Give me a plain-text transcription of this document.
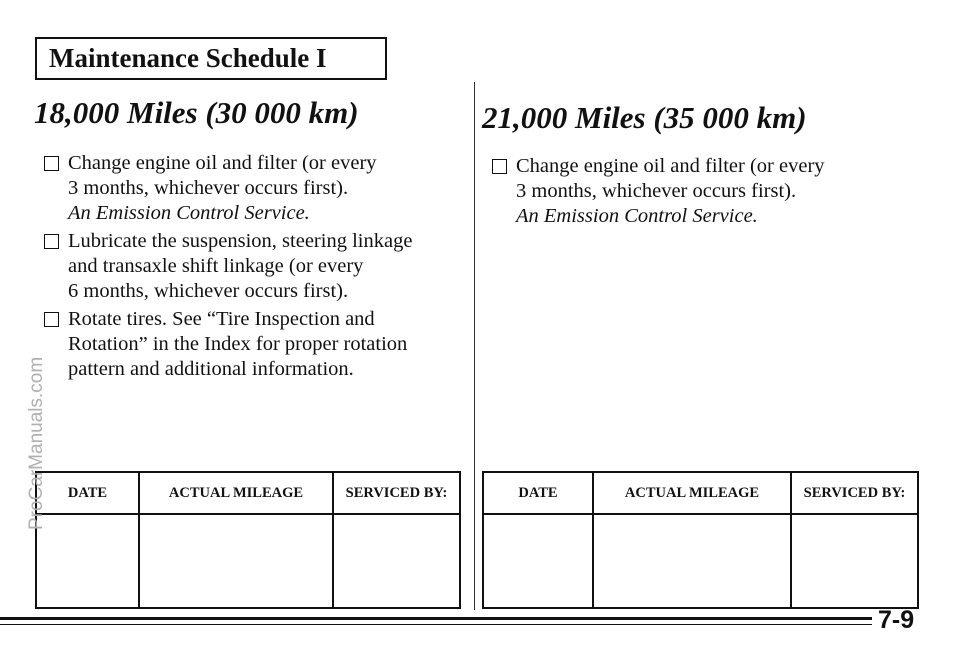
Maintenance Schedule I
18,000 Miles (30 000 km)
Change engine oil and filter (or every
3 months, whichever occurs first).
An Emission Control Service.
Lubricate the suspension, steering linkage
and transaxle shift linkage (or every
6 months, whichever occurs first).
Rotate tires. See “Tire Inspection and
Rotation” in the Index for proper rotation
pattern and additional information.
21,000 Miles (35 000 km)
Change engine oil and filter (or every
3 months, whichever occurs first).
An Emission Control Service.
DATE	ACTUAL MILEAGE	SERVICED BY:
			DATE	ACTUAL MILEAGE	SERVICED BY:

7-9
ProCarManuals.com
